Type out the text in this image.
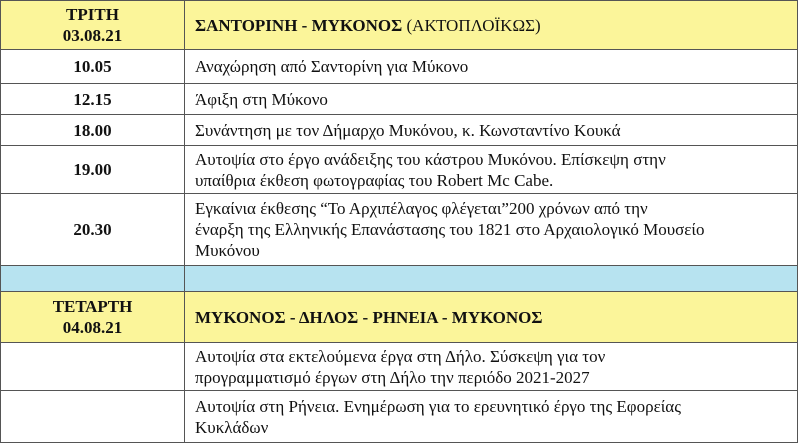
ΤΡΙΤΗ
03.08.21	ΣΑΝΤΟΡΙΝΗ - ΜΥΚΟΝΟΣ (ΑΚΤΟΠΛΟΪΚΩΣ)
10.05	Αναχώρηση από Σαντορίνη για Μύκονο

12.15	Άφιξη στη Μύκονο

18.00	Συνάντηση με τον Δήμαρχο Μυκόνου, κ. Κωνσταντίνο Κουκά

19.00	Αυτοψία στο έργο ανάδειξης του κάστρου Μυκόνου. Επίσκεψη στην
υπαίθρια έκθεση φωτογραφίας του Robert Mc Cabe.

20.30	Εγκαίνια έκθεσης “Το Αρχιπέλαγος φλέγεται”200 χρόνων από την
έναρξη της Ελληνικής Επανάστασης του 1821 στο Αρχαιολογικό Μουσείο
Μυκόνου

ΤΕΤΑΡΤΗ
04.08.21	ΜΥΚΟΝΟΣ - ΔΗΛΟΣ - ΡΗΝΕΙΑ - ΜΥΚΟΝΟΣ

	Αυτοψία στα εκτελούμενα έργα στη Δήλο. Σύσκεψη για τον
προγραμματισμό έργων στη Δήλο την περιόδο 2021-2027

	Αυτοψία στη Ρήνεια. Ενημέρωση για το ερευνητικό έργο της Εφορείας
Κυκλάδων
